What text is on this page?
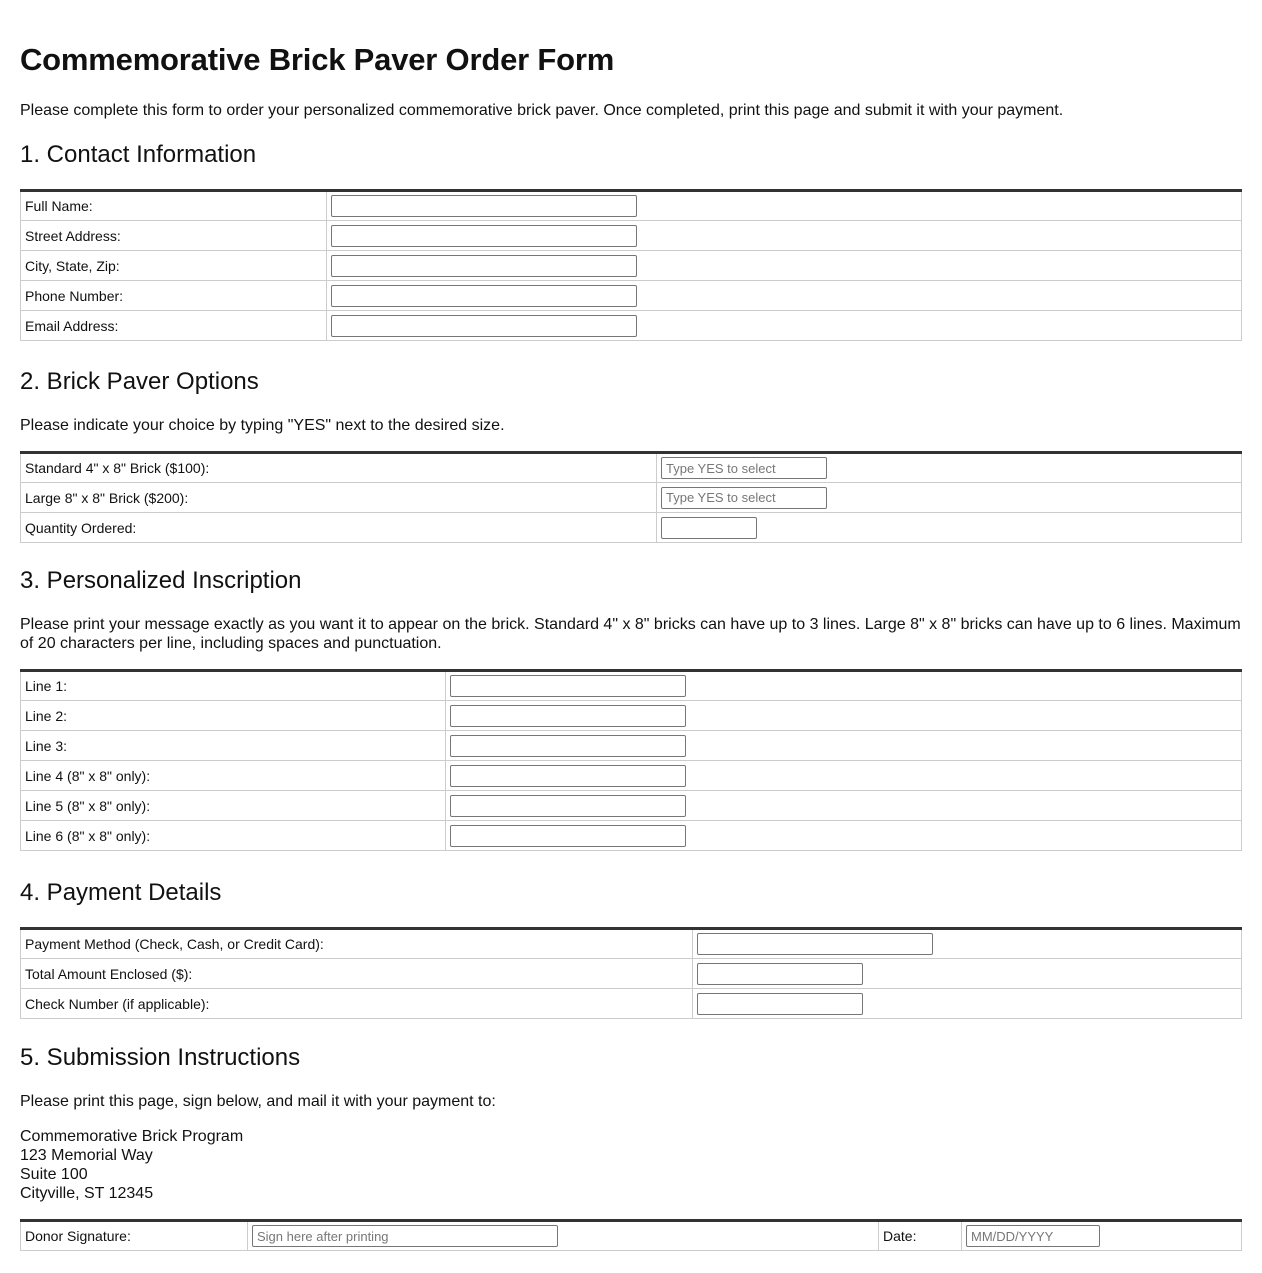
Commemorative Brick Paver Order Form

Please complete this form to order your personalized commemorative brick paver. Once completed, print this page and submit it with your payment.

1. Contact Information
Full Name:	

Street Address:	

City, State, Zip:	

Phone Number:	

Email Address:	
2. Brick Paver Options

Please indicate your choice by typing "YES" next to the desired size.

Standard 4" x 8" Brick ($100):	
Type YES to select
Large 8" x 8" Brick ($200):	
Type YES to select
Quantity Ordered:	
3. Personalized Inscription

Please print your message exactly as you want it to appear on the brick. Standard 4" x 8" bricks can have up to 3 lines. Large 8" x 8" bricks can have up to 6 lines. Maximum of 20 characters per line, including spaces and punctuation.

Line 1:	

Line 2:	

Line 3:	

Line 4 (8" x 8" only):	

Line 5 (8" x 8" only):	

Line 6 (8" x 8" only):	
4. Payment Details
Payment Method (Check, Cash, or Credit Card):	

Total Amount Enclosed ($):	

Check Number (if applicable):	
5. Submission Instructions

Please print this page, sign below, and mail it with your payment to:

Commemorative Brick Program
123 Memorial Way
Suite 100
Cityville, ST 12345
Donor Signature:	
Sign here after printing	Date:	
MM/DD/YYYY
